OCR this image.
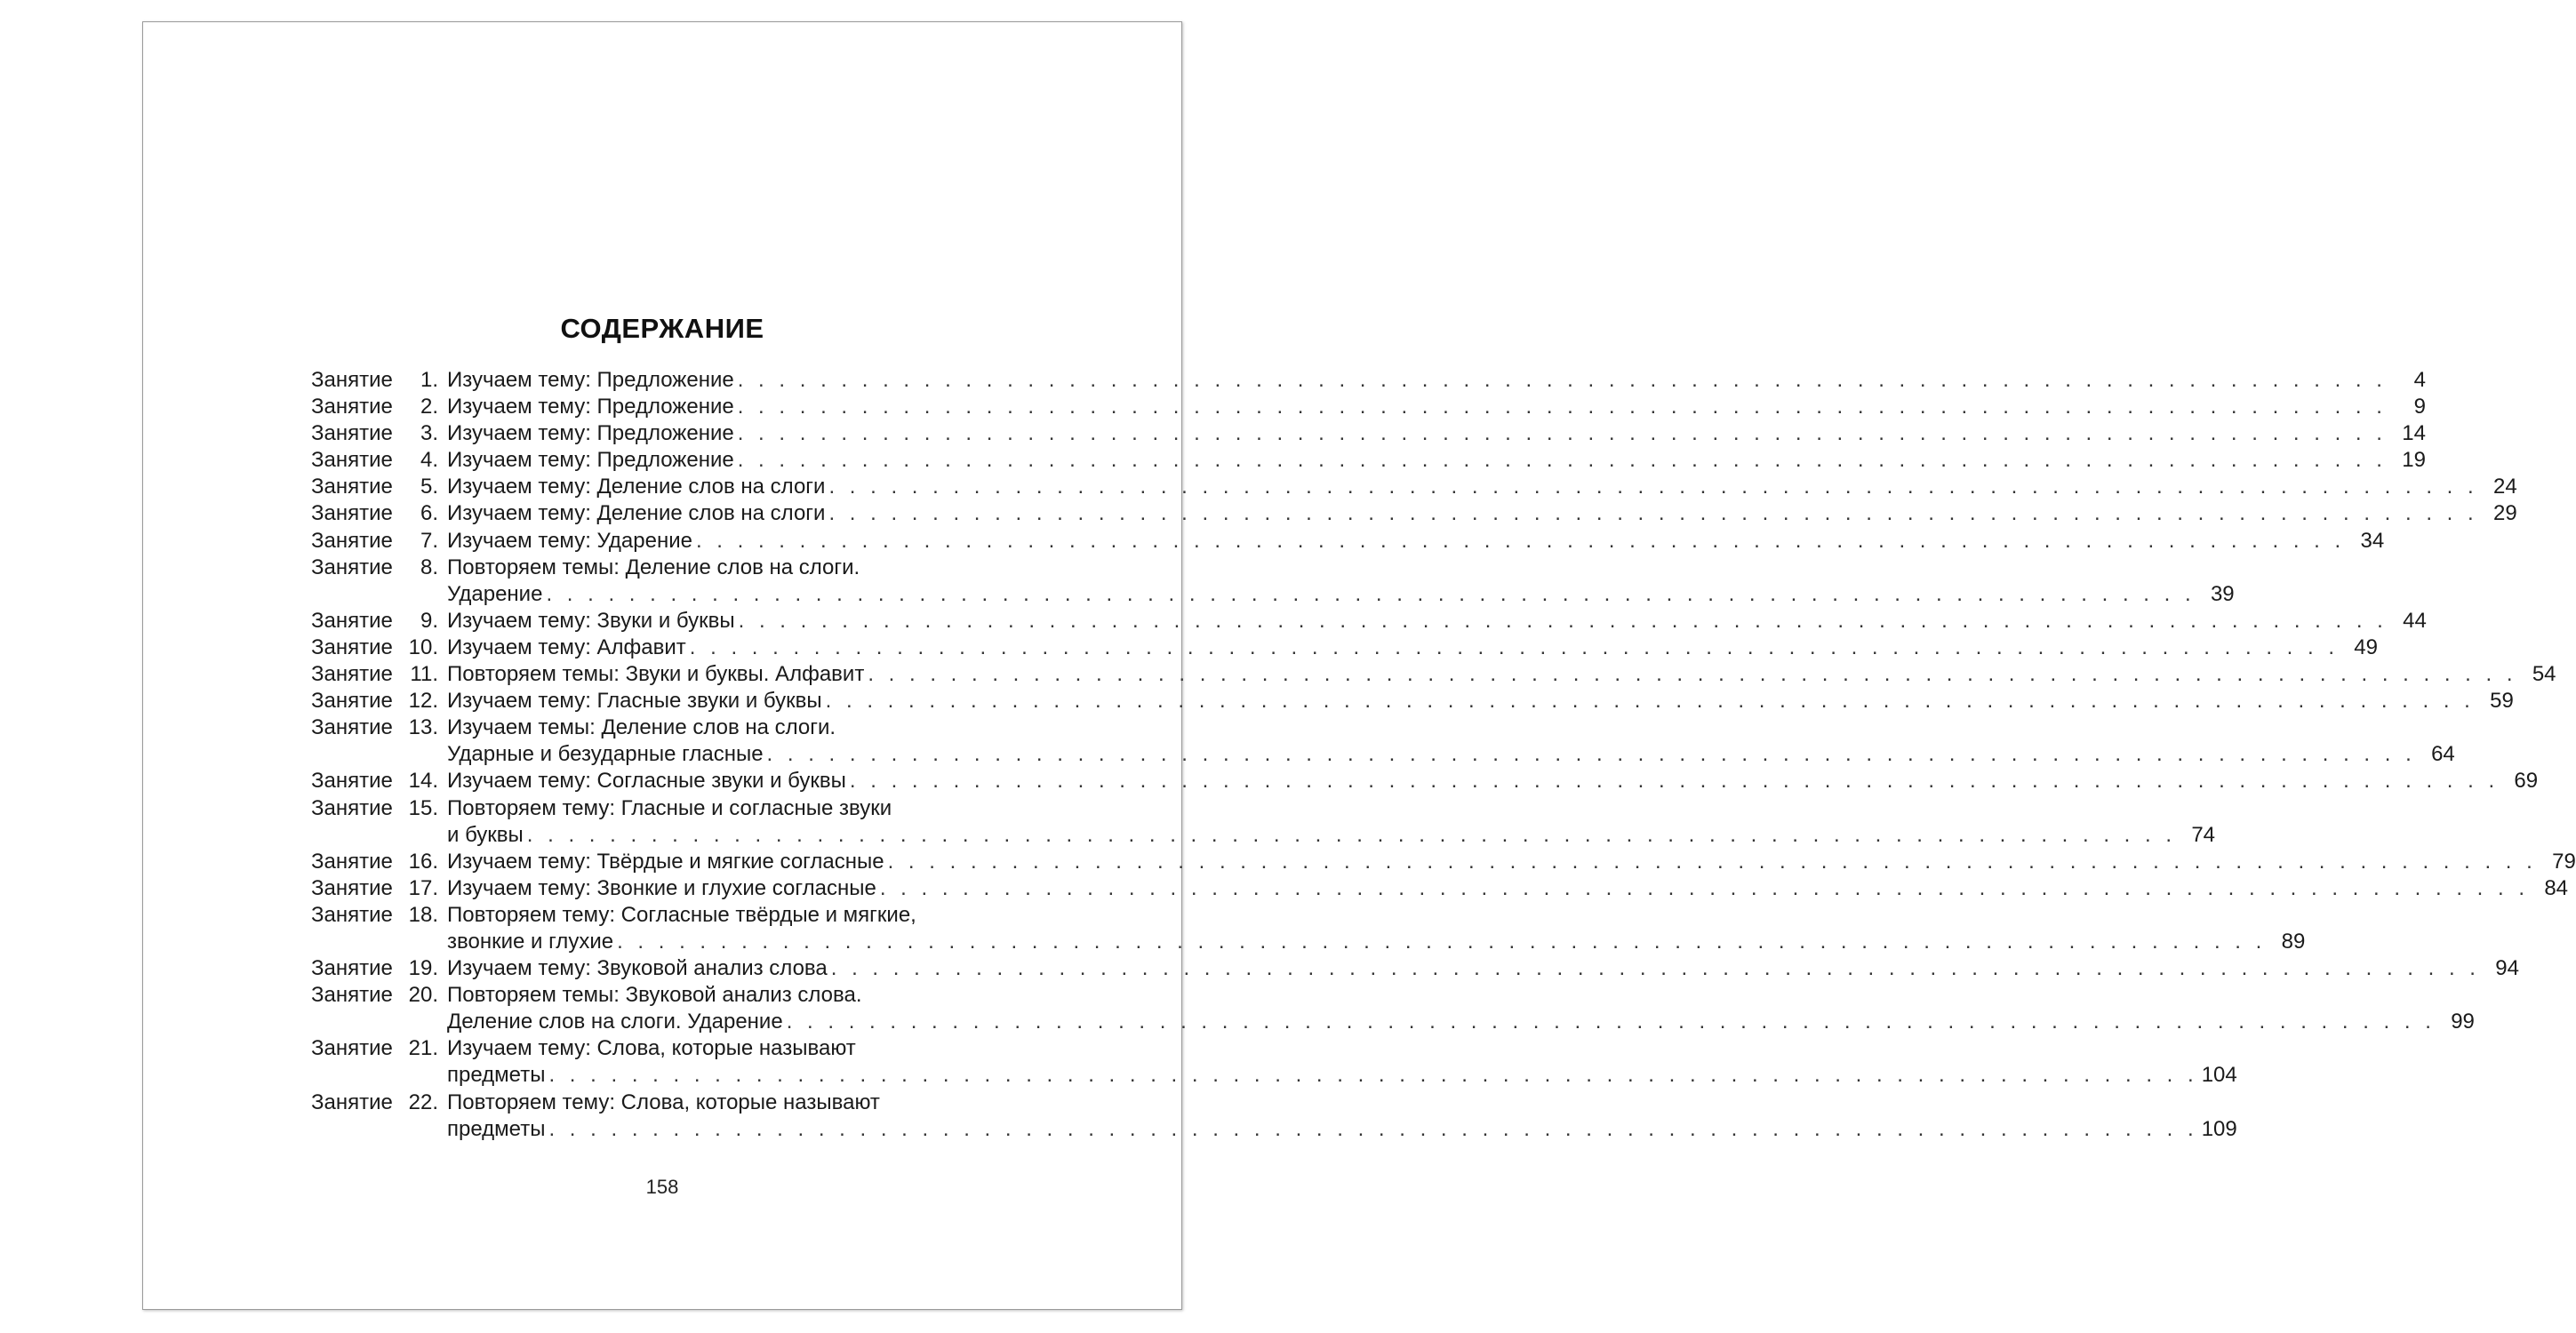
СОДЕРЖАНИЕ
Занятие	1. Изучаем тему: Предложение . . . . . . . . . . . . . . . . . . . . . . . . . . . . . . . . . . . . . . . . . . . . . . . . . . . . . . . . . . . . . . . . . . . . . . . . . . . . . . . .	4
Занятие	2. Изучаем тему: Предложение . . . . . . . . . . . . . . . . . . . . . . . . . . . . . . . . . . . . . . . . . . . . . . . . . . . . . . . . . . . . . . . . . . . . . . . . . . . . . . . .	9
Занятие	3. Изучаем тему: Предложение . . . . . . . . . . . . . . . . . . . . . . . . . . . . . . . . . . . . . . . . . . . . . . . . . . . . . . . . . . . . . . . . . . . . . . . . . . . . . . . . 14
Занятие	4. Изучаем тему: Предложение . . . . . . . . . . . . . . . . . . . . . . . . . . . . . . . . . . . . . . . . . . . . . . . . . . . . . . . . . . . . . . . . . . . . . . . . . . . . . . . . 19
Занятие	5. Изучаем тему: Деление слов на слоги . . . . . . . . . . . . . . . . . . . . . . . . . . . . . . . . . . . . . . . . . . . . . . . . . . . . . . . . . . . . . . . . . . . . . . . . . . . . . . . . 24
Занятие	6. Изучаем тему: Деление слов на слоги . . . . . . . . . . . . . . . . . . . . . . . . . . . . . . . . . . . . . . . . . . . . . . . . . . . . . . . . . . . . . . . . . . . . . . . . . . . . . . . . 29
Занятие	7. Изучаем тему: Ударение . . . . . . . . . . . . . . . . . . . . . . . . . . . . . . . . . . . . . . . . . . . . . . . . . . . . . . . . . . . . . . . . . . . . . . . . . . . . . . . . 34
Занятие	8. Повторяем темы: Деление слов на слоги.
Ударение . . . . . . . . . . . . . . . . . . . . . . . . . . . . . . . . . . . . . . . . . . . . . . . . . . . . . . . . . . . . . . . . . . . . . . . . . . . . . . . . 39
Занятие	9. Изучаем тему: Звуки и буквы . . . . . . . . . . . . . . . . . . . . . . . . . . . . . . . . . . . . . . . . . . . . . . . . . . . . . . . . . . . . . . . . . . . . . . . . . . . . . . . . 44
Занятие 10. Изучаем тему: Алфавит . . . . . . . . . . . . . . . . . . . . . . . . . . . . . . . . . . . . . . . . . . . . . . . . . . . . . . . . . . . . . . . . . . . . . . . . . . . . . . . . 49
Занятие 11. Повторяем темы: Звуки и буквы. Алфавит . . . . . . . . . . . . . . . . . . . . . . . . . . . . . . . . . . . . . . . . . . . . . . . . . . . . . . . . . . . . . . . . . . . . . . . . . . . . . . . . 54
Занятие 12. Изучаем тему: Гласные звуки и буквы . . . . . . . . . . . . . . . . . . . . . . . . . . . . . . . . . . . . . . . . . . . . . . . . . . . . . . . . . . . . . . . . . . . . . . . . . . . . . . . . 59
Занятие 13. Изучаем темы: Деление слов на слоги.
Ударные и безударные гласные . . . . . . . . . . . . . . . . . . . . . . . . . . . . . . . . . . . . . . . . . . . . . . . . . . . . . . . . . . . . . . . . . . . . . . . . . . . . . . . . 64
Занятие 14. Изучаем тему: Согласные звуки и буквы . . . . . . . . . . . . . . . . . . . . . . . . . . . . . . . . . . . . . . . . . . . . . . . . . . . . . . . . . . . . . . . . . . . . . . . . . . . . . . . . 69
Занятие 15. Повторяем тему: Гласные и согласные звуки
и буквы . . . . . . . . . . . . . . . . . . . . . . . . . . . . . . . . . . . . . . . . . . . . . . . . . . . . . . . . . . . . . . . . . . . . . . . . . . . . . . . . 74
Занятие 16. Изучаем тему: Твёрдые и мягкие согласные . . . . . . . . . . . . . . . . . . . . . . . . . . . . . . . . . . . . . . . . . . . . . . . . . . . . . . . . . . . . . . . . . . . . . . . . . . . . . . . . 79
Занятие 17. Изучаем тему: Звонкие и глухие согласные . . . . . . . . . . . . . . . . . . . . . . . . . . . . . . . . . . . . . . . . . . . . . . . . . . . . . . . . . . . . . . . . . . . . . . . . . . . . . . . . 84
Занятие 18. Повторяем тему: Согласные твёрдые и мягкие,
звонкие и глухие . . . . . . . . . . . . . . . . . . . . . . . . . . . . . . . . . . . . . . . . . . . . . . . . . . . . . . . . . . . . . . . . . . . . . . . . . . . . . . . . 89
Занятие 19. Изучаем тему: Звуковой анализ слова . . . . . . . . . . . . . . . . . . . . . . . . . . . . . . . . . . . . . . . . . . . . . . . . . . . . . . . . . . . . . . . . . . . . . . . . . . . . . . . . 94
Занятие 20. Повторяем темы: Звуковой анализ слова.
Деление слов на слоги. Ударение . . . . . . . . . . . . . . . . . . . . . . . . . . . . . . . . . . . . . . . . . . . . . . . . . . . . . . . . . . . . . . . . . . . . . . . . . . . . . . . . 99
Занятие 21. Изучаем тему: Слова, которые называют
предметы . . . . . . . . . . . . . . . . . . . . . . . . . . . . . . . . . . . . . . . . . . . . . . . . . . . . . . . . . . . . . . . . . . . . . . . . . . . . . . . . 104
Занятие 22. Повторяем тему: Слова, которые называют
предметы . . . . . . . . . . . . . . . . . . . . . . . . . . . . . . . . . . . . . . . . . . . . . . . . . . . . . . . . . . . . . . . . . . . . . . . . . . . . . . . . 109
158
